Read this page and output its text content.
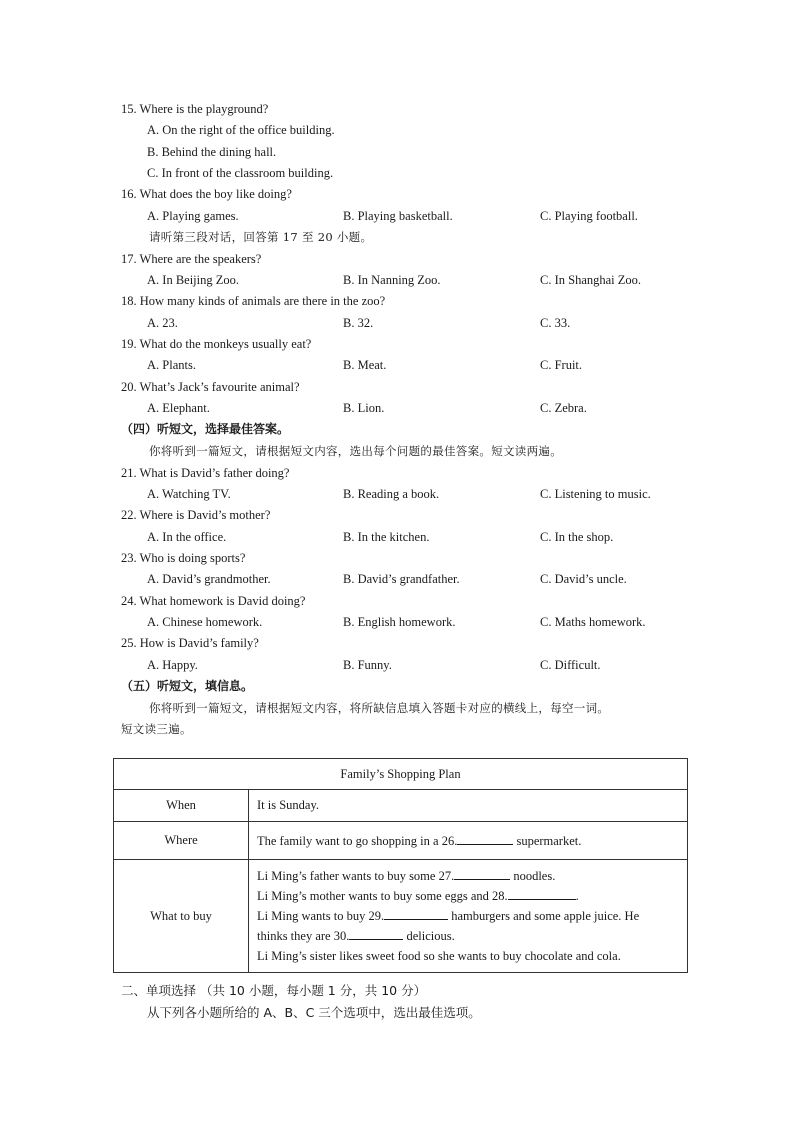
15. Where is the playground?
A. On the right of the office building.
B. Behind the dining hall.
C. In front of the classroom building.
16. What does the boy like doing?
A. Playing games.	B. Playing basketball.	C. Playing football.
请听第三段对话，回答第 17 至 20 小题。
17. Where are the speakers?
A. In Beijing Zoo.	B. In Nanning Zoo.	C. In Shanghai Zoo.
18. How many kinds of animals are there in the zoo?
A. 23.	B. 32.	C. 33.
19. What do the monkeys usually eat?
A. Plants.	B. Meat.	C. Fruit.
20. What’s Jack’s favourite animal?
A. Elephant.	B. Lion.	C. Zebra.
（四）听短文，选择最佳答案。
你将听到一篇短文，请根据短文内容，选出每个问题的最佳答案。短文读两遍。
21. What is David’s father doing?
A. Watching TV.	B. Reading a book.	C. Listening to music.
22. Where is David’s mother?
A. In the office.	B. In the kitchen.	C. In the shop.
23. Who is doing sports?
A. David’s grandmother.	B. David’s grandfather.	C. David’s uncle.
24. What homework is David doing?
A. Chinese homework.	B. English homework.	C. Maths homework.
25. How is David’s family?
A. Happy.	B. Funny.	C. Difficult.
（五）听短文，填信息。
你将听到一篇短文，请根据短文内容，将所缺信息填入答题卡对应的横线上，每空一词。
短文读三遍。
Family’s Shopping Plan	
When	It is Sunday.
Where	The family want to go shopping in a 26. supermarket.
What to buy	Li Ming’s father wants to buy some 27. noodles.
Li Ming’s mother wants to buy some eggs and 28. .
Li Ming wants to buy 29. hamburgers and some apple juice. He
thinks they are 30. delicious.
Li Ming’s sister likes sweet food so she wants to buy chocolate and cola.
二、单项选择 （共 10 小题，每小题 1 分，共 10 分）
从下列各小题所给的 A、B、C 三个选项中，选出最佳选项。
